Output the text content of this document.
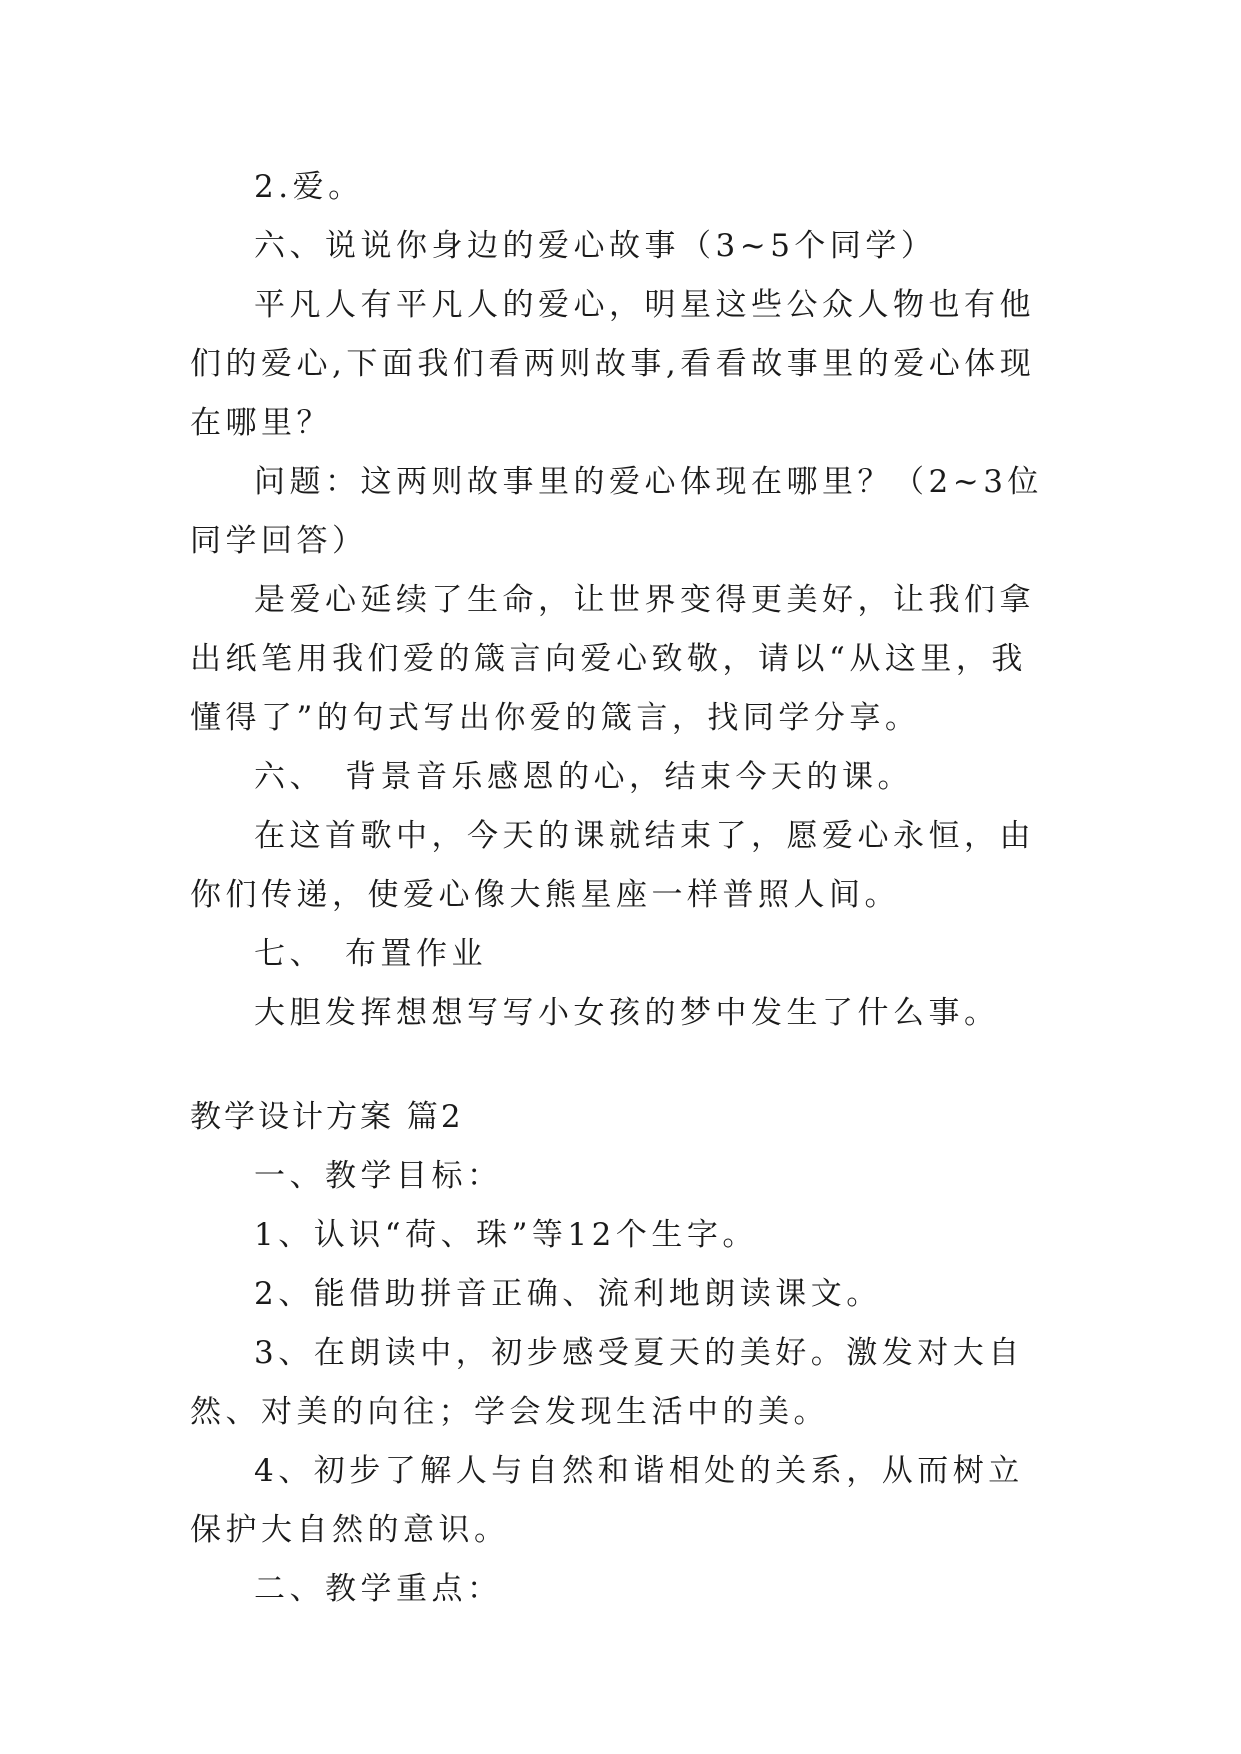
2.爱。

六、说说你身边的爱心故事（3~5个同学）

平凡人有平凡人的爱心，明星这些公众人物也有他们的爱心,下面我们看两则故事,看看故事里的爱心体现在哪里？

问题：这两则故事里的爱心体现在哪里？（2~3位同学回答）

是爱心延续了生命，让世界变得更美好，让我们拿出纸笔用我们爱的箴言向爱心致敬，请以“从这里，我懂得了”的句式写出你爱的箴言，找同学分享。

六、　背景音乐感恩的心，结束今天的课。

在这首歌中，今天的课就结束了，愿爱心永恒，由你们传递，使爱心像大熊星座一样普照人间。

七、　布置作业

大胆发挥想想写写小女孩的梦中发生了什么事。

教学设计方案 篇2

一、教学目标：

1、认识“荷、珠”等12个生字。

2、能借助拼音正确、流利地朗读课文。

3、在朗读中，初步感受夏天的美好。激发对大自然、对美的向往；学会发现生活中的美。

4、初步了解人与自然和谐相处的关系，从而树立保护大自然的意识。

二、教学重点：
